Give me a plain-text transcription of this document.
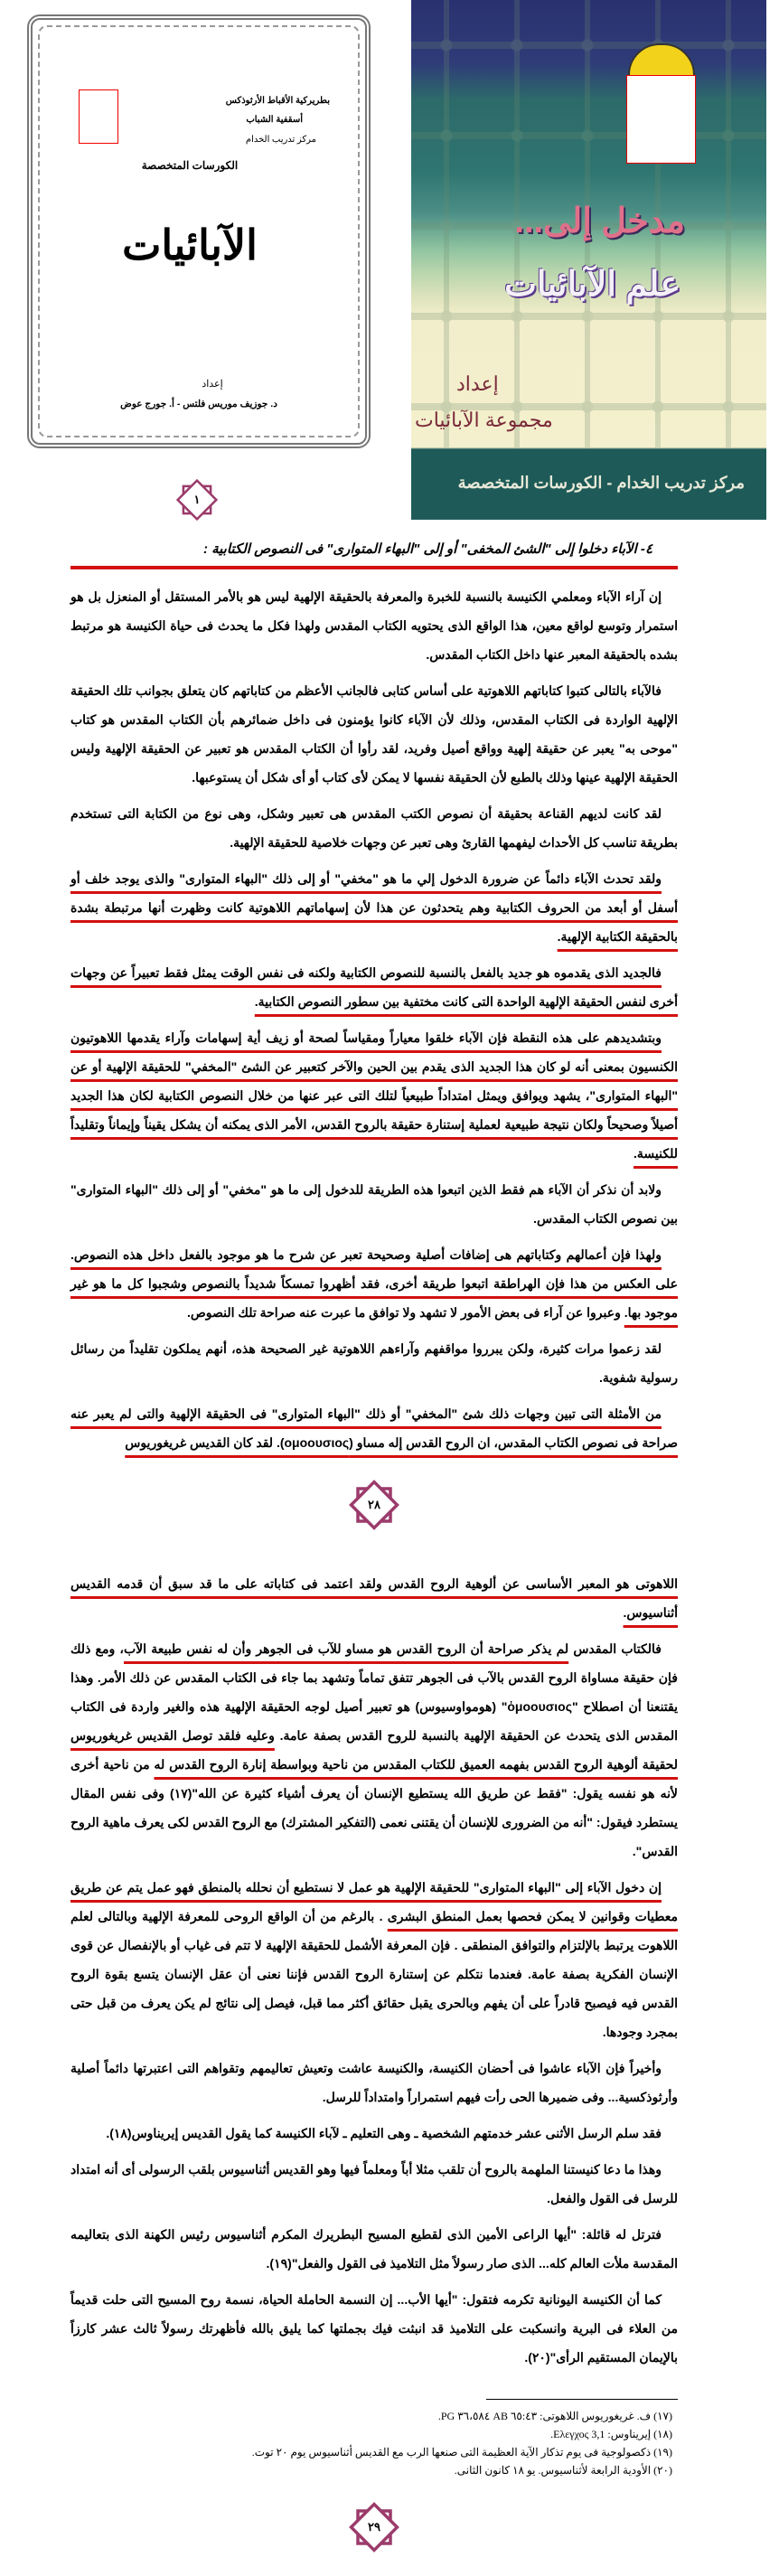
بطريركية الأقباط الأرثوذكس
أسقفية الشباب
مركز تدريب الخدام
الكورسات المتخصصة
الآبائيات
إعداد
د. جوزيف موريس فلتس - أ. جورج عوض
١
مدخل إلى...
علم الآبائيات
إعداد
مجموعة الآبائيات
مركز تدريب الخدام - الكورسات المتخصصة
٤- الآباء دخلوا إلى "الشئ المخفى" أو إلى "البهاء المتوارى" فى النصوص الكتابية :

إن آراء الآباء ومعلمي الكنيسة بالنسبة للخبرة والمعرفة بالحقيقة الإلهية ليس هو بالأمر المستقل أو المنعزل بل هو استمرار وتوسع لواقع معين، هذا الواقع الذى يحتويه الكتاب المقدس ولهذا فكل ما يحدث فى حياة الكنيسة هو مرتبط بشده بالحقيقة المعبر عنها داخل الكتاب المقدس.

فالآباء بالتالى كتبوا كتاباتهم اللاهوتية على أساس كتابى فالجانب الأعظم من كتاباتهم كان يتعلق بجوانب تلك الحقيقة الإلهية الواردة فى الكتاب المقدس، وذلك لأن الآباء كانوا يؤمنون فى داخل ضمائرهم بأن الكتاب المقدس هو كتاب "موحى به" يعبر عن حقيقة إلهية وواقع أصيل وفريد، لقد رأوا أن الكتاب المقدس هو تعبير عن الحقيقة الإلهية وليس الحقيقة الإلهية عينها وذلك بالطبع لأن الحقيقة نفسها لا يمكن لأى كتاب أو أى شكل أن يستوعبها.

لقد كانت لديهم القناعة بحقيقة أن نصوص الكتب المقدس هى تعبير وشكل، وهى نوع من الكتابة التى تستخدم بطريقة تناسب كل الأحداث ليفهمها القارئ وهى تعبر عن وجهات خلاصية للحقيقة الإلهية.

ولقد تحدث الآباء دائماً عن ضرورة الدخول إلي ما هو "مخفي" أو إلى ذلك "البهاء المتوارى" والذى يوجد خلف أو أسفل أو أبعد من الحروف الكتابية وهم يتحدثون عن هذا لأن إسهاماتهم اللاهوتية كانت وظهرت أنها مرتبطة بشدة بالحقيقة الكتابية الإلهية.

فالجديد الذى يقدموه هو جديد بالفعل بالنسبة للنصوص الكتابية ولكنه فى نفس الوقت يمثل فقط تعبيراً عن وجهات أخرى لنفس الحقيقة الإلهية الواحدة التى كانت مختفية بين سطور النصوص الكتابية.

وبتشديدهم على هذه النقطة فإن الآباء خلقوا معياراً ومقياساً لصحة أو زيف أية إسهامات وآراء يقدمها اللاهوتيون الكنسيون بمعنى أنه لو كان هذا الجديد الذى يقدم بين الحين والآخر كتعبير عن الشئ "المخفي" للحقيقة الإلهية أو عن "البهاء المتوارى"، يشهد ويوافق ويمثل امتداداً طبيعياً لتلك التى عبر عنها من خلال النصوص الكتابية لكان هذا الجديد أصيلاً وصحيحاً ولكان نتيجة طبيعية لعملية إستنارة حقيقة بالروح القدس، الأمر الذى يمكنه أن يشكل يقيناً وإيماناً وتقليداً للكنيسة.

ولابد أن نذكر أن الآباء هم فقط الذين اتبعوا هذه الطريقة للدخول إلى ما هو "مخفي" أو إلى ذلك "البهاء المتوارى" بين نصوص الكتاب المقدس.

ولهذا فإن أعمالهم وكتاباتهم هى إضافات أصلية وصحيحة تعبر عن شرح ما هو موجود بالفعل داخل هذه النصوص. على العكس من هذا فإن الهراطقة اتبعوا طريقة أخرى، فقد أظهروا تمسكاً شديداً بالنصوص وشجبوا كل ما هو غير موجود بها. وعبروا عن آراء فى بعض الأمور لا تشهد ولا توافق ما عبرت عنه صراحة تلك النصوص.

لقد زعموا مرات كثيرة، ولكن يبرروا مواقفهم وآراءهم اللاهوتية غير الصحيحة هذه، أنهم يملكون تقليداً من رسائل رسولية شفوية.

من الأمثلة التى تبين وجهات ذلك شئ "المخفي" أو ذلك "البهاء المتوارى" فى الحقيقة الإلهية والتى لم يعبر عنه صراحة فى نصوص الكتاب المقدس، ان الروح القدس إله مساو (ομοουσιος). لقد كان القديس غريغوريوس

٢٨

اللاهوتى هو المعبر الأساسى عن ألوهية الروح القدس ولقد اعتمد فى كتاباته على ما قد سبق أن قدمه القديس أثناسيوس.

فالكتاب المقدس لم يذكر صراحة أن الروح القدس هو مساو للآب فى الجوهر وأن له نفس طبيعة الآب، ومع ذلك فإن حقيقة مساواة الروح القدس بالآب فى الجوهر تتفق تماماً وتشهد بما جاء فى الكتاب المقدس عن ذلك الأمر. وهذا يقتنعنا أن اصطلاح "ὁμοουσιος" (هومواوسيوس) هو تعبير أصيل لوجه الحقيقة الإلهية هذه والغير واردة فى الكتاب المقدس الذى يتحدث عن الحقيقة الإلهية بالنسبة للروح القدس بصفة عامة. وعليه فلقد توصل القديس غريغوريوس لحقيقة ألوهية الروح القدس بفهمه العميق للكتاب المقدس من ناحية وبواسطة إنارة الروح القدس له من ناحية أخرى لأنه هو نفسه يقول: "فقط عن طريق الله يستطيع الإنسان أن يعرف أشياء كثيرة عن الله"(١٧) وفى نفس المقال يستطرد فيقول: "أنه من الضرورى للإنسان أن يقتنى نعمى (التفكير المشترك) مع الروح القدس لكى يعرف ماهية الروح القدس".

إن دخول الآباء إلى "البهاء المتوارى" للحقيقة الإلهية هو عمل لا نستطيع أن نحلله بالمنطق فهو عمل يتم عن طريق معطيات وقوانين لا يمكن فحصها بعمل المنطق البشرى . بالرغم من أن الواقع الروحى للمعرفة الإلهية وبالتالى لعلم اللاهوت يرتبط بالإلتزام والتوافق المنطقى . فإن المعرفة الأشمل للحقيقة الإلهية لا تتم فى غياب أو بالإنفصال عن قوى الإنسان الفكرية بصفة عامة. فعندما نتكلم عن إستنارة الروح القدس فإننا نعنى أن عقل الإنسان يتسع بقوة الروح القدس فيه فيصبح قادراً على أن يفهم وبالحرى يقبل حقائق أكثر مما قبل، فيصل إلى نتائج لم يكن يعرف من قبل حتى بمجرد وجودها.

وأخيراً فإن الآباء عاشوا فى أحضان الكنيسة، والكنيسة عاشت وتعيش تعاليمهم وتقواهم التى اعتبرتها دائماً أصلية وأرثوذكسية... وفى ضميرها الحى رأت فيهم استمراراً وامتداداً للرسل.

فقد سلم الرسل الأثنى عشر خدمتهم الشخصية ـ وهى التعليم ـ لآباء الكنيسة كما يقول القديس إيريناوس(١٨).

وهذا ما دعا كنيستنا الملهمة بالروح أن تلقب مثلا أباً ومعلماً فيها وهو القديس أثناسيوس بلقب الرسولى أى أنه امتداد للرسل فى القول والفعل.

فترتل له قائلة: "أيها الراعى الأمين الذى لقطيع المسيح البطريرك المكرم أثناسيوس رئيس الكهنة الذى بتعاليمه المقدسة ملأت العالم كله... الذى صار رسولاً مثل التلاميذ فى القول والفعل"(١٩).

كما أن الكنيسة اليونانية تكرمه فتقول: "أيها الأب... إن النسمة الحاملة الحياة، نسمة روح المسيح التى حلت قديماً من العلاء فى البرية وانسكبت على التلاميذ قد انبثت فيك بجملتها كما يليق بالله فأظهرتك رسولاً ثالث عشر كارزاً بالإيمان المستقيم الرأى"(٢٠).

(١٧) ف. غريغوريوس اللاهوتى: ٦٥:٤٣ AB ٣٦،٥٨٤ PG.
(١٨) إيريناوس: Ελεγχος 3,1.
(١٩) ذكصولوجية فى يوم تذكار الآية العظيمة التى صنعها الرب مع القديس أثناسيوس يوم ٢٠ توت.
(٢٠) الأودية الرابعة لأثناسيوس. يو ١٨ كانون الثانى.
٢٩
